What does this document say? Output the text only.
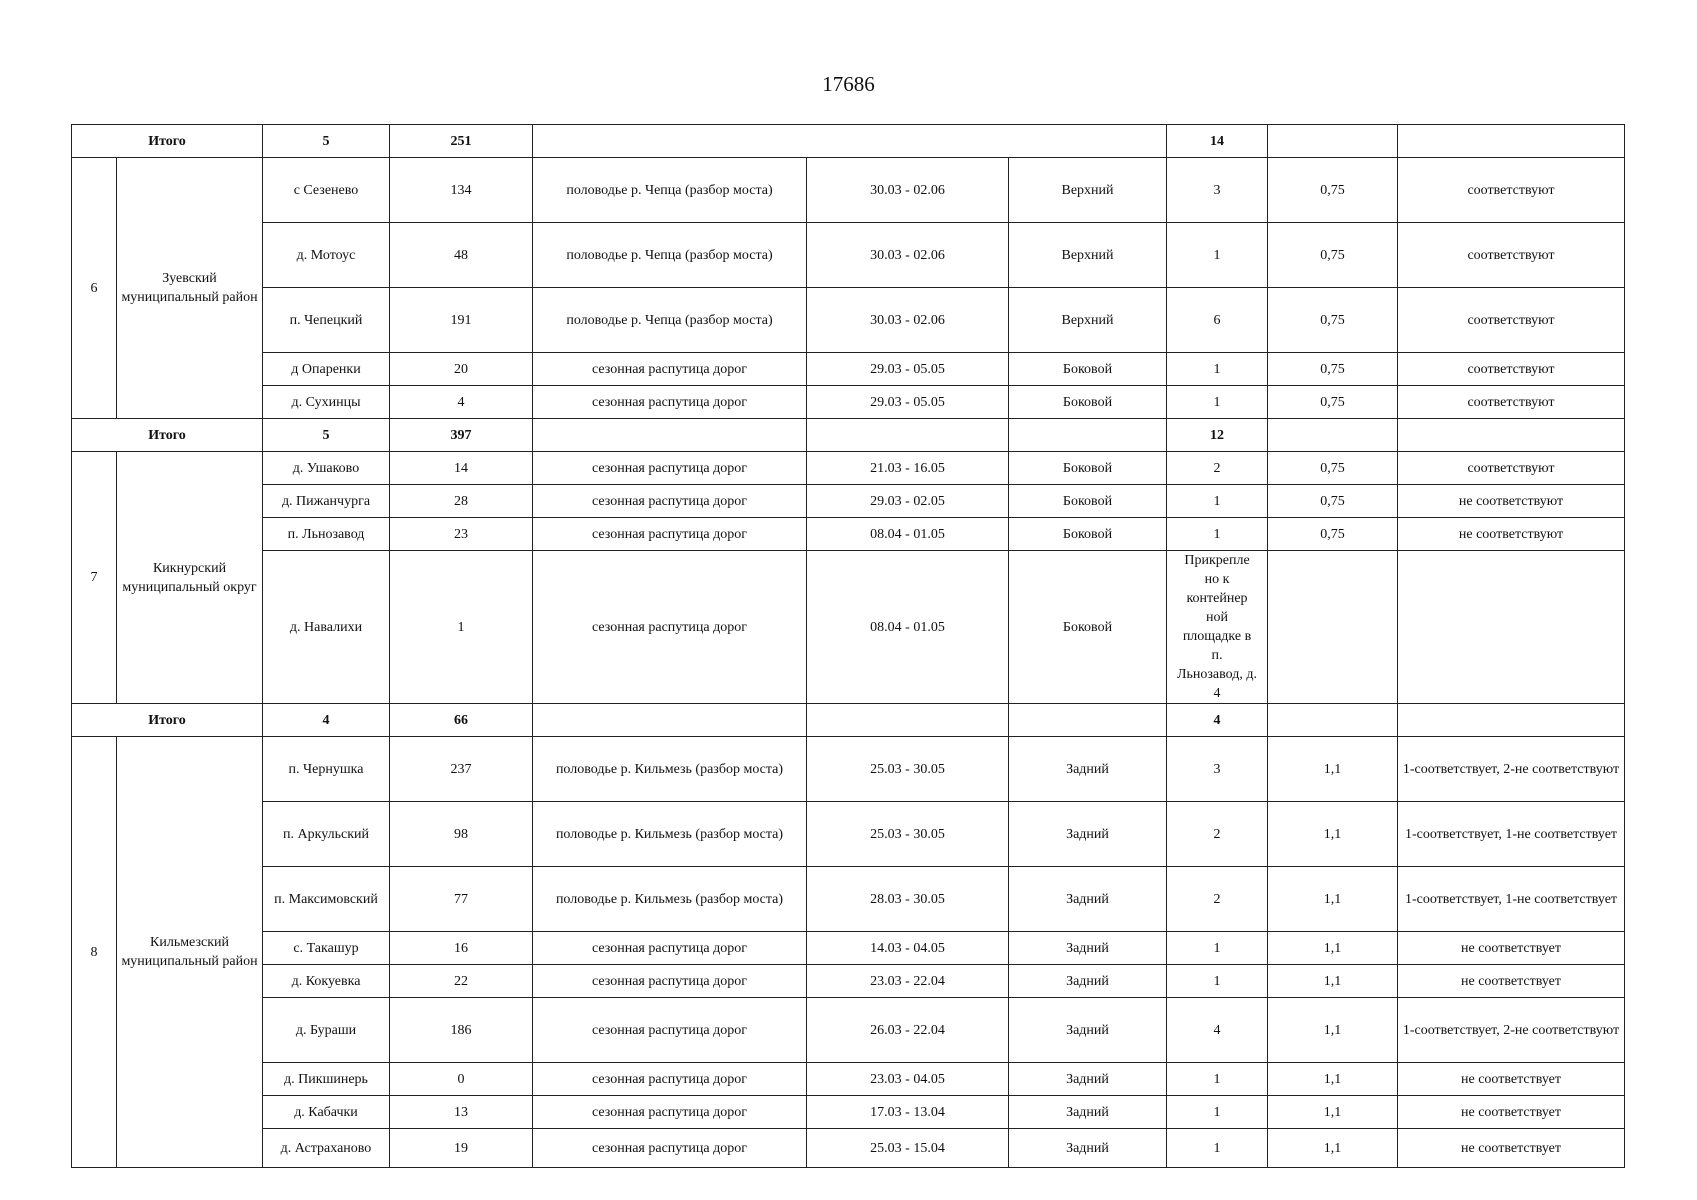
17686
Итого		5	251				14		
6	Зуевский муниципальный район	с Сезенево	134	половодье р. Чепца (разбор моста)	30.03 - 02.06	Верхний	3	0,75	соответствуют
		д. Мотоус	48	половодье р. Чепца (разбор моста)	30.03 - 02.06	Верхний	1	0,75	соответствуют
		п. Чепецкий	191	половодье р. Чепца (разбор моста)	30.03 - 02.06	Верхний	6	0,75	соответствуют
		д Опаренки	20	сезонная распутица дорог	29.03 - 05.05	Боковой	1	0,75	соответствуют
		д. Сухинцы	4	сезонная распутица дорог	29.03 - 05.05	Боковой	1	0,75	соответствуют
Итого		5	397				12		
7	Кикнурский муниципальный округ	д. Ушаково	14	сезонная распутица дорог	21.03 - 16.05	Боковой	2	0,75	соответствуют
		д. Пижанчурга	28	сезонная распутица дорог	29.03 - 02.05	Боковой	1	0,75	не соответствуют
		п. Льнозавод	23	сезонная распутица дорог	08.04 - 01.05	Боковой	1	0,75	не соответствуют
		д. Навалихи	1	сезонная распутица дорог	08.04 - 01.05	Боковой	Прикрепле но к контейнер ной площадке в п. Льнозавод, д. 4		
Итого		4	66				4		
8	Кильмезский муниципальный район	п. Чернушка	237	половодье р. Кильмезь (разбор моста)	25.03 - 30.05	Задний	3	1,1	1-соответствует, 2-не соответствуют
		п. Аркульский	98	половодье р. Кильмезь (разбор моста)	25.03 - 30.05	Задний	2	1,1	1-соответствует, 1-не соответствует
		п. Максимовский	77	половодье р. Кильмезь (разбор моста)	28.03 - 30.05	Задний	2	1,1	1-соответствует, 1-не соответствует
		с. Такашур	16	сезонная распутица дорог	14.03 - 04.05	Задний	1	1,1	не соответствует
		д. Кокуевка	22	сезонная распутица дорог	23.03 - 22.04	Задний	1	1,1	не соответствует
		д. Бураши	186	сезонная распутица дорог	26.03 - 22.04	Задний	4	1,1	1-соответствует, 2-не соответствуют
		д. Пикшинерь	0	сезонная распутица дорог	23.03 - 04.05	Задний	1	1,1	не соответствует
		д. Кабачки	13	сезонная распутица дорог	17.03 - 13.04	Задний	1	1,1	не соответствует
		д. Астраханово	19	сезонная распутица дорог	25.03 - 15.04	Задний	1	1,1	не соответствует
